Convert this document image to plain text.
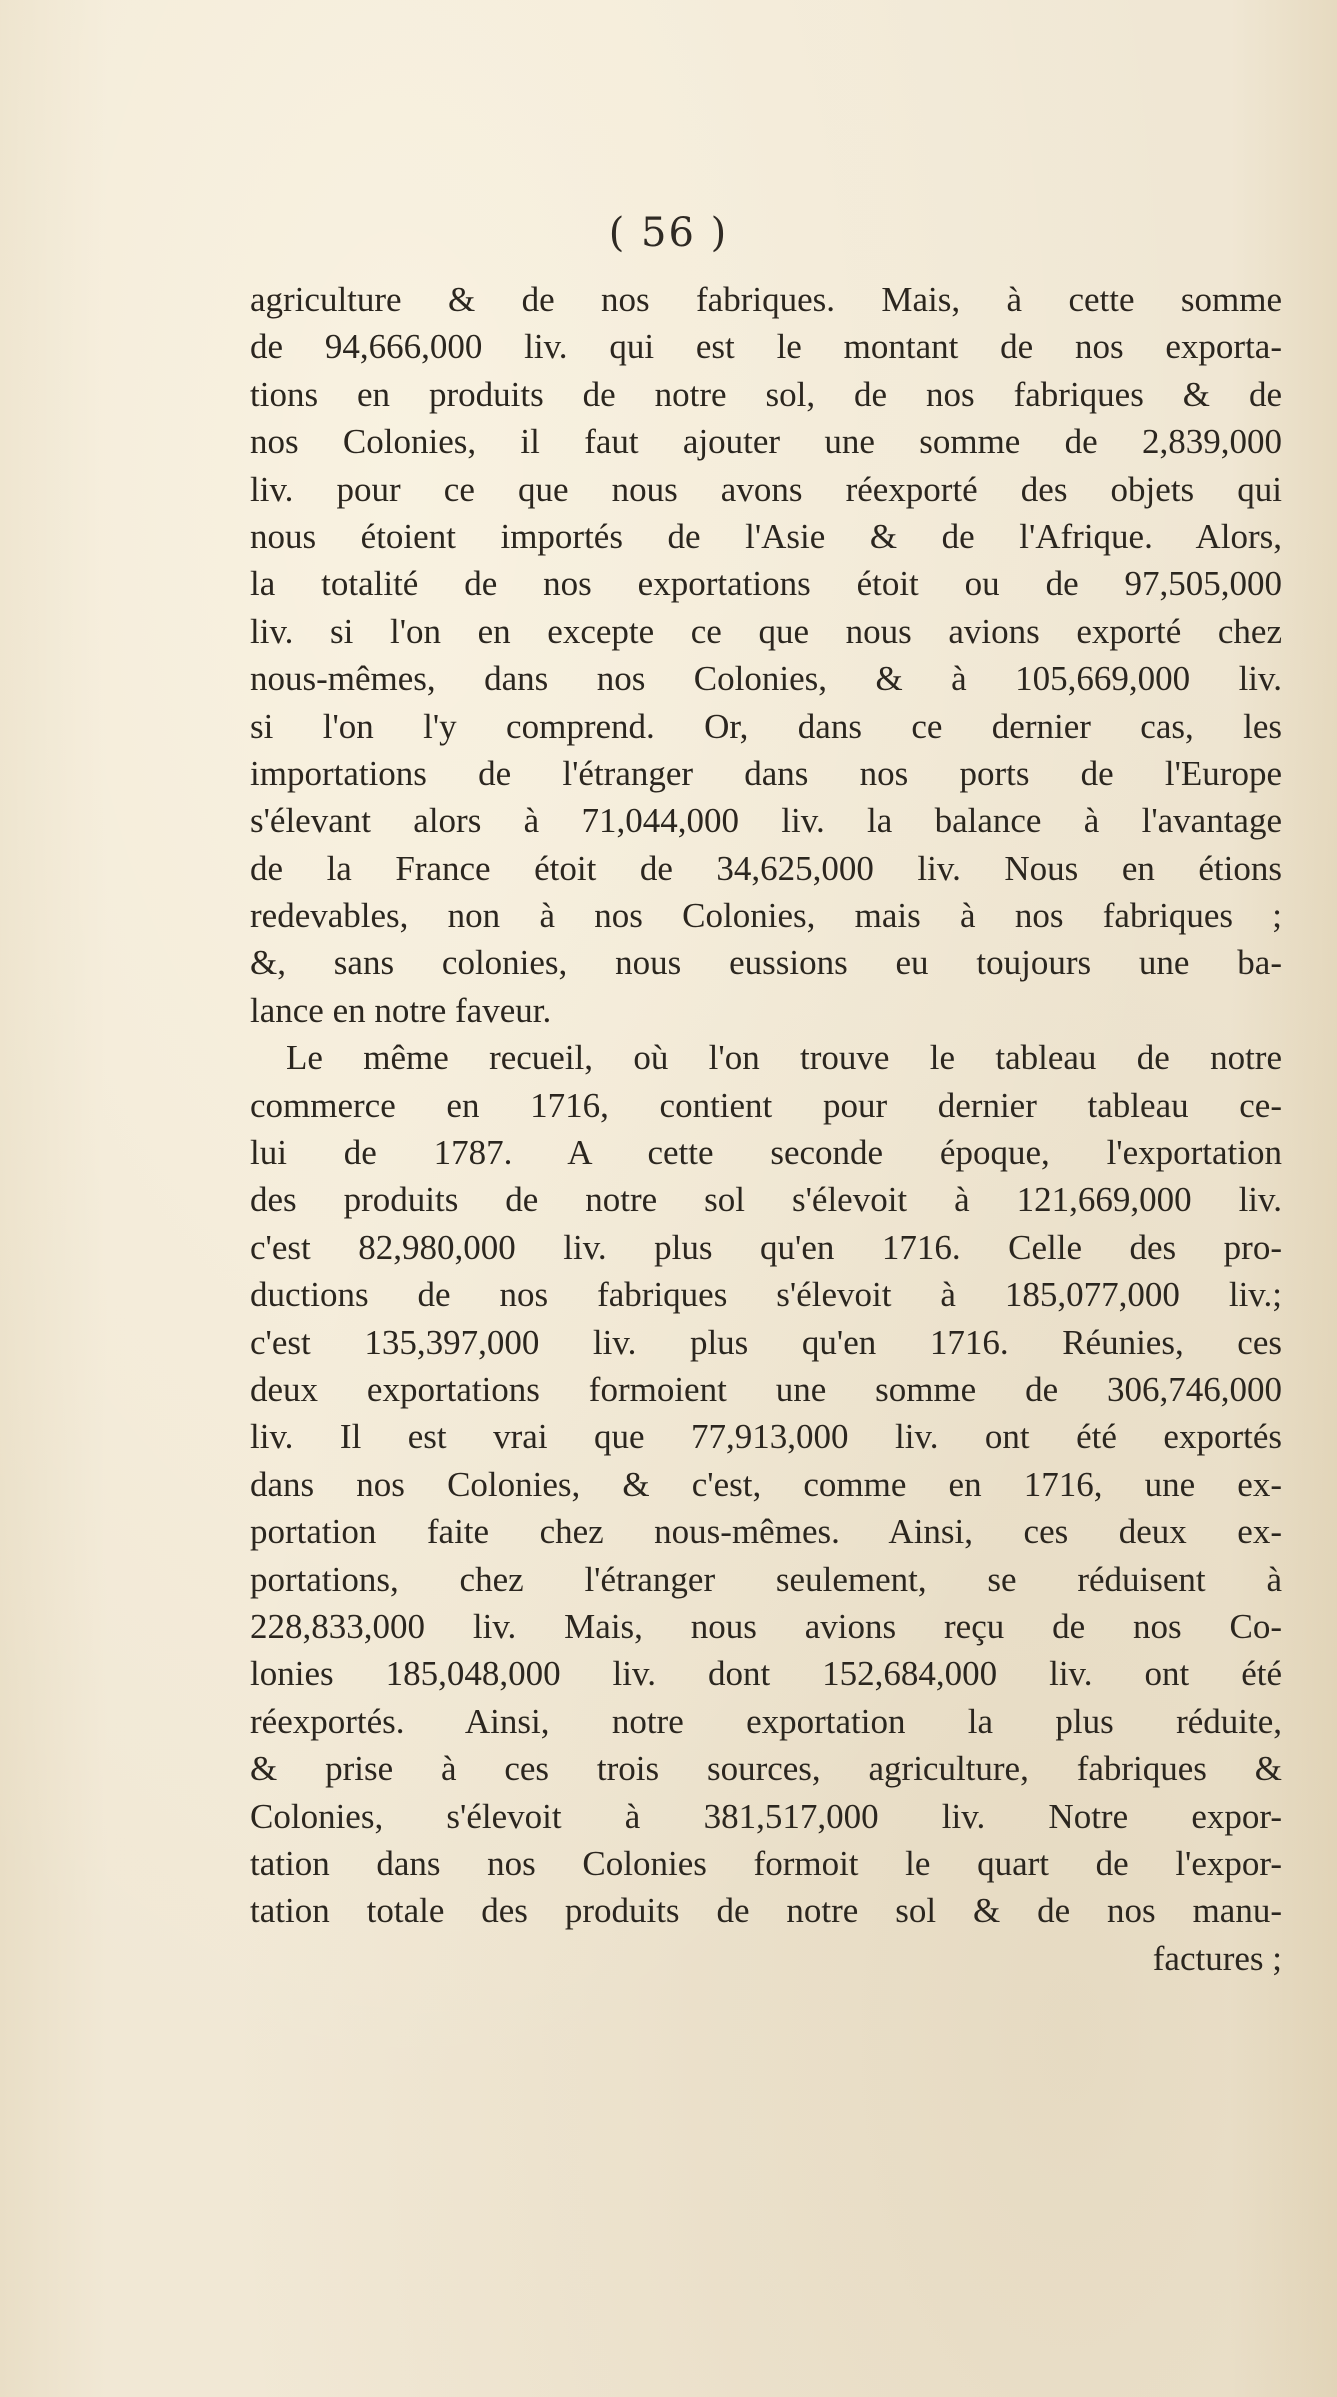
( 56 )
agriculture & de nos fabriques. Mais, à cette somme
de 94,666,000 liv. qui est le montant de nos exporta-
tions en produits de notre sol, de nos fabriques & de
nos Colonies, il faut ajouter une somme de 2,839,000
liv. pour ce que nous avons réexporté des objets qui
nous étoient importés de l'Asie & de l'Afrique. Alors,
la totalité de nos exportations étoit ou de 97,505,000
liv. si l'on en excepte ce que nous avions exporté chez
nous-mêmes, dans nos Colonies, & à 105,669,000 liv.
si l'on l'y comprend. Or, dans ce dernier cas, les
importations de l'étranger dans nos ports de l'Europe
s'élevant alors à 71,044,000 liv. la balance à l'avantage
de la France étoit de 34,625,000 liv. Nous en étions
redevables, non à nos Colonies, mais à nos fabriques ;
&, sans colonies, nous eussions eu toujours une ba-
lance en notre faveur.
Le même recueil, où l'on trouve le tableau de notre
commerce en 1716, contient pour dernier tableau ce-
lui de 1787. A cette seconde époque, l'exportation
des produits de notre sol s'élevoit à 121,669,000 liv.
c'est 82,980,000 liv. plus qu'en 1716. Celle des pro-
ductions de nos fabriques s'élevoit à 185,077,000 liv.;
c'est 135,397,000 liv. plus qu'en 1716. Réunies, ces
deux exportations formoient une somme de 306,746,000
liv. Il est vrai que 77,913,000 liv. ont été exportés
dans nos Colonies, & c'est, comme en 1716, une ex-
portation faite chez nous-mêmes. Ainsi, ces deux ex-
portations, chez l'étranger seulement, se réduisent à
228,833,000 liv. Mais, nous avions reçu de nos Co-
lonies 185,048,000 liv. dont 152,684,000 liv. ont été
réexportés. Ainsi, notre exportation la plus réduite,
& prise à ces trois sources, agriculture, fabriques &
Colonies, s'élevoit à 381,517,000 liv. Notre expor-
tation dans nos Colonies formoit le quart de l'expor-
tation totale des produits de notre sol & de nos manu-
factures ;
